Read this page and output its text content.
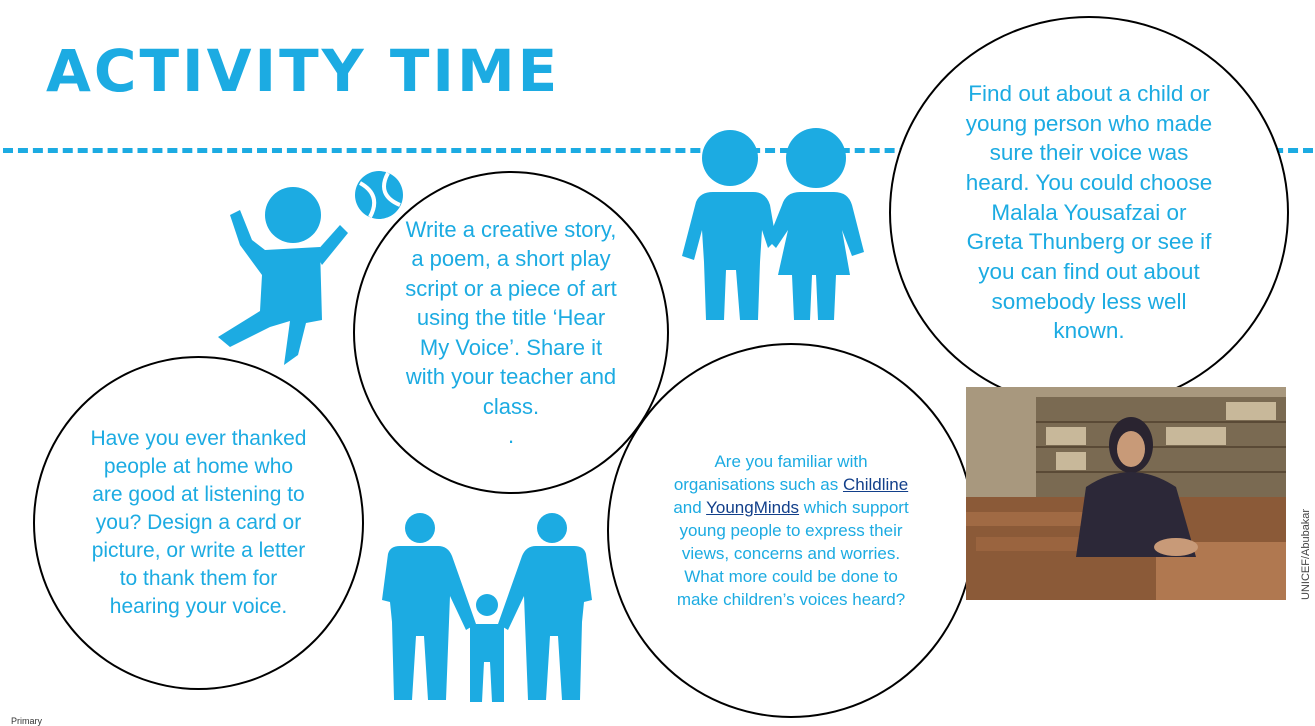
ACTIVITY TIME
Have you ever thanked people at home who are good at listening to you? Design a card or picture, or write a letter to thank them for hearing your voice.
Write a creative story, a poem, a short play script or a piece of art using the title ‘Hear My Voice’. Share it with your teacher and class.
.
Are you familiar with organisations such as Childline and YoungMinds which support young people to express their views, concerns and worries. What more could be done to make children’s voices heard?
Find out about a child or young person who made sure their voice was heard. You could choose Malala Yousafzai or Greta Thunberg or see if you can find out about somebody less well known.
UNICEF/Abubakar
Primary
